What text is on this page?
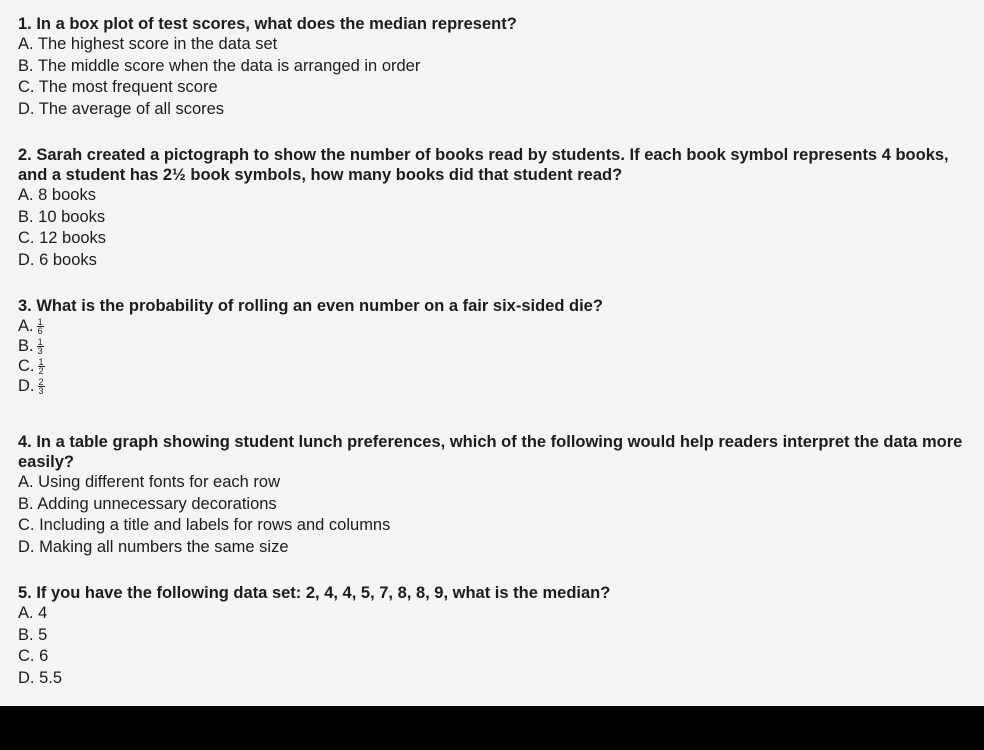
1. In a box plot of test scores, what does the median represent?

A. The highest score in the data set

B. The middle score when the data is arranged in order

C. The most frequent score

D. The average of all scores

2. Sarah created a pictograph to show the number of books read by students. If each book symbol represents 4 books, and a student has 2½ book symbols, how many books did that student read?

A. 8 books

B. 10 books

C. 12 books

D. 6 books

3. What is the probability of rolling an even number on a fair six-sided die?

A. $\frac{1}{6}$

B. $\frac{1}{3}$

C. $\frac{1}{2}$

D. $\frac{2}{3}$

4. In a table graph showing student lunch preferences, which of the following would help readers interpret the data more easily?

A. Using different fonts for each row

B. Adding unnecessary decorations

C. Including a title and labels for rows and columns

D. Making all numbers the same size

5. If you have the following data set: 2, 4, 4, 5, 7, 8, 8, 9, what is the median?

A. 4

B. 5

C. 6

D. 5.5
